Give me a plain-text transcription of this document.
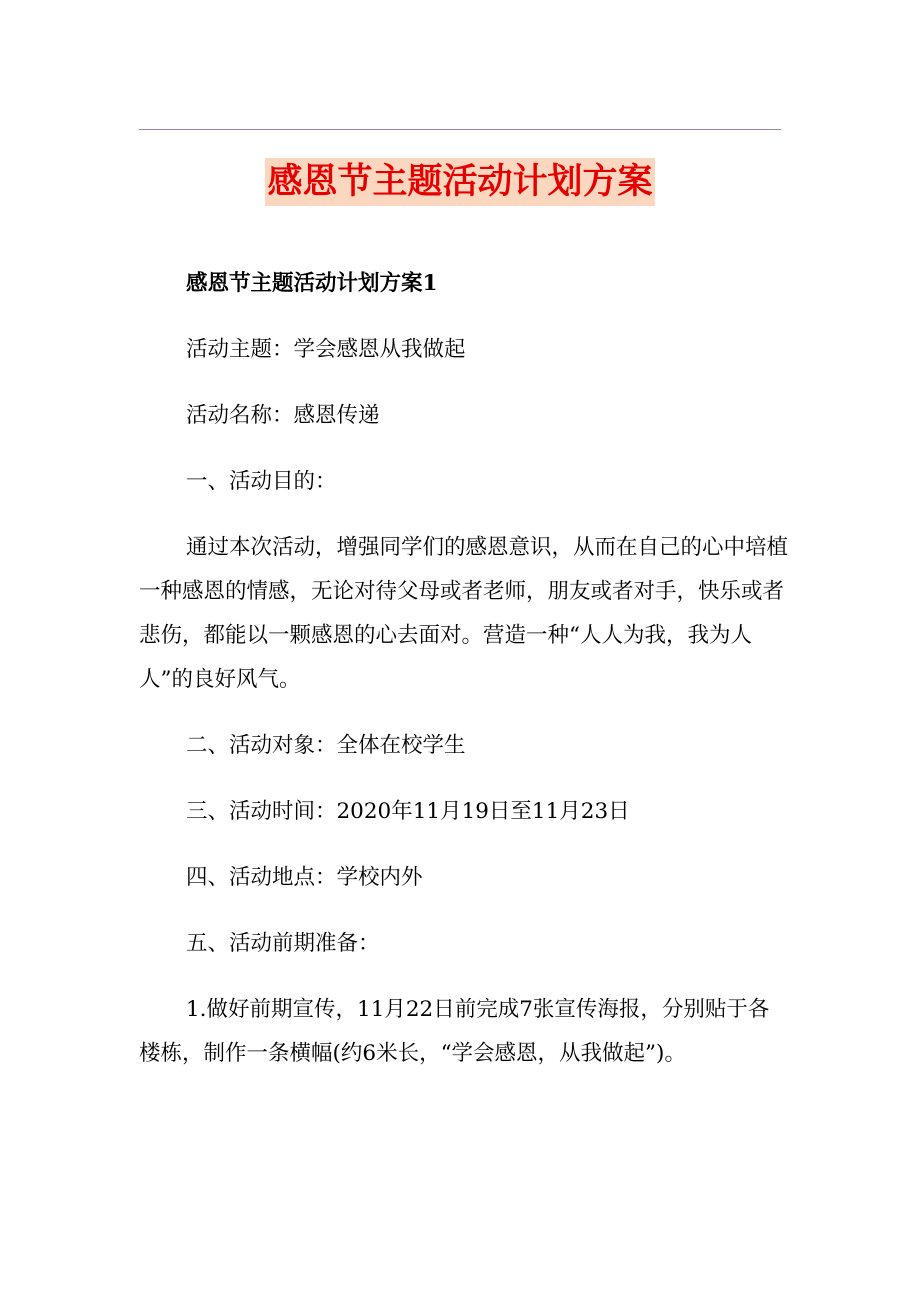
感恩节主题活动计划方案

感恩节主题活动计划方案1

活动主题：学会感恩从我做起

活动名称：感恩传递

一、活动目的：

通过本次活动，增强同学们的感恩意识，从而在自己的心中培植一种感恩的情感，无论对待父母或者老师，朋友或者对手，快乐或者悲伤，都能以一颗感恩的心去面对。营造一种“人人为我，我为人人”的良好风气。

二、活动对象：全体在校学生

三、活动时间：2020年11月19日至11月23日

四、活动地点：学校内外

五、活动前期准备：

1.做好前期宣传，11月22日前完成7张宣传海报，分别贴于各楼栋，制作一条横幅(约6米长，“学会感恩，从我做起”)。
